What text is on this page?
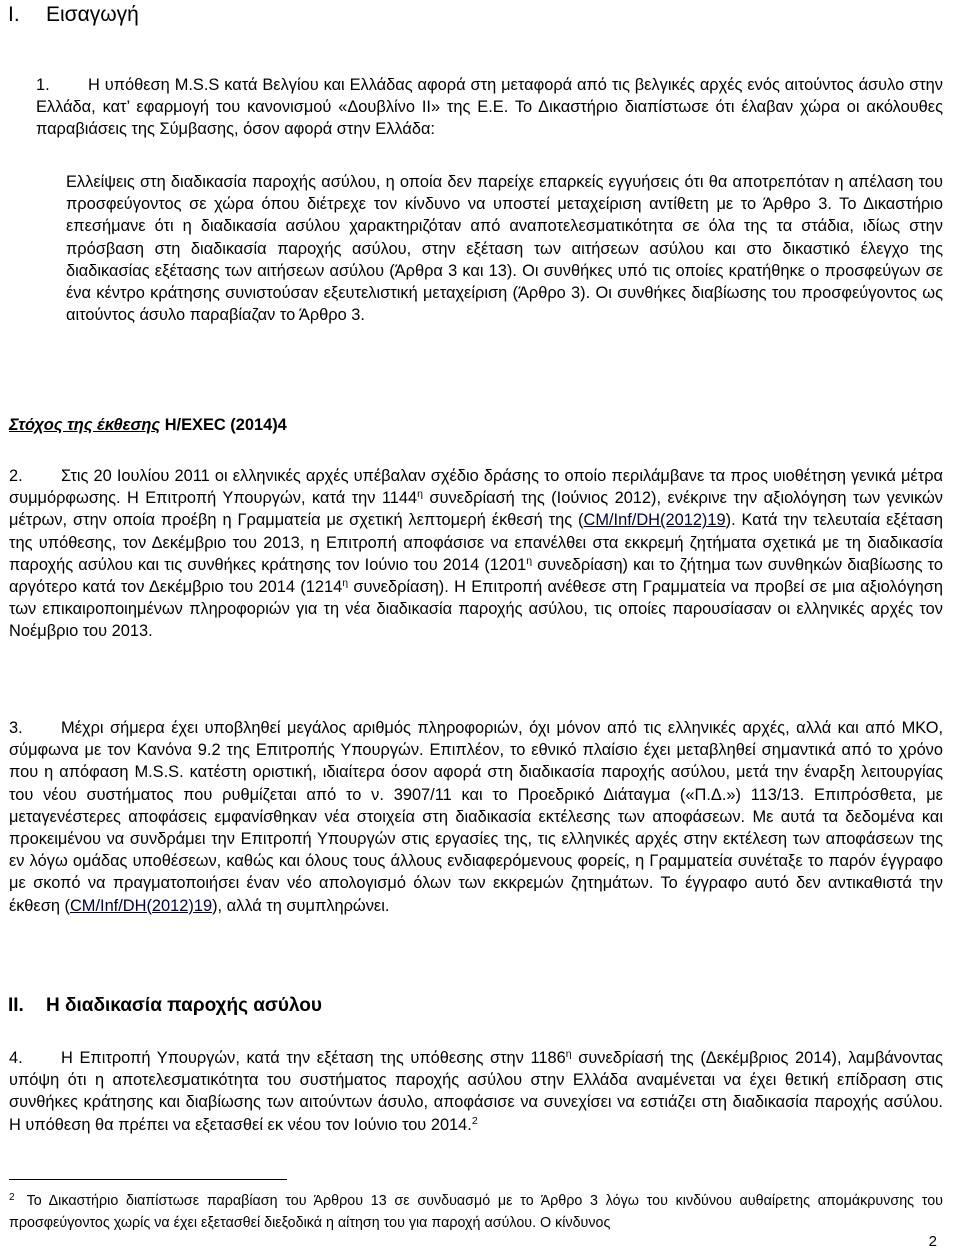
I. Εισαγωγή
1. Η υπόθεση M.S.S κατά Βελγίου και Ελλάδας αφορά στη μεταφορά από τις βελγικές αρχές ενός αιτούντος άσυλο στην Ελλάδα, κατ’ εφαρμογή του κανονισμού «Δουβλίνο ΙΙ» της Ε.Ε. Το Δικαστήριο διαπίστωσε ότι έλαβαν χώρα οι ακόλουθες παραβιάσεις της Σύμβασης, όσον αφορά στην Ελλάδα:
Ελλείψεις στη διαδικασία παροχής ασύλου, η οποία δεν παρείχε επαρκείς εγγυήσεις ότι θα αποτρεπόταν η απέλαση του προσφεύγοντος σε χώρα όπου διέτρεχε τον κίνδυνο να υποστεί μεταχείριση αντίθετη με το Άρθρο 3. Το Δικαστήριο επεσήμανε ότι η διαδικασία ασύλου χαρακτηριζόταν από αναποτελεσματικότητα σε όλα της τα στάδια, ιδίως στην πρόσβαση στη διαδικασία παροχής ασύλου, στην εξέταση των αιτήσεων ασύλου και στο δικαστικό έλεγχο της διαδικασίας εξέτασης των αιτήσεων ασύλου (Άρθρα 3 και 13). Οι συνθήκες υπό τις οποίες κρατήθηκε ο προσφεύγων σε ένα κέντρο κράτησης συνιστούσαν εξευτελιστική μεταχείριση (Άρθρο 3). Οι συνθήκες διαβίωσης του προσφεύγοντος ως αιτούντος άσυλο παραβίαζαν το Άρθρο 3.
Στόχος της έκθεσης H/EXEC (2014)4
2. Στις 20 Ιουλίου 2011 οι ελληνικές αρχές υπέβαλαν σχέδιο δράσης το οποίο περιλάμβανε τα προς υιοθέτηση γενικά μέτρα συμμόρφωσης. Η Επιτροπή Υπουργών, κατά την $1144^\eta$ συνεδρίασή της (Ιούνιος 2012), ενέκρινε την αξιολόγηση των γενικών μέτρων, στην οποία προέβη η Γραμματεία με σχετική λεπτομερή έκθεσή της (CM/Inf/DH(2012)19). Κατά την τελευταία εξέταση της υπόθεσης, τον Δεκέμβριο του 2013, η Επιτροπή αποφάσισε να επανέλθει στα εκκρεμή ζητήματα σχετικά με τη διαδικασία παροχής ασύλου και τις συνθήκες κράτησης τον Ιούνιο του 2014 ($1201^\eta$ συνεδρίαση) και το ζήτημα των συνθηκών διαβίωσης το αργότερο κατά τον Δεκέμβριο του 2014 ($1214^\eta$ συνεδρίαση). Η Επιτροπή ανέθεσε στη Γραμματεία να προβεί σε μια αξιολόγηση των επικαιροποιημένων πληροφοριών για τη νέα διαδικασία παροχής ασύλου, τις οποίες παρουσίασαν οι ελληνικές αρχές τον Νοέμβριο του 2013.
3. Μέχρι σήμερα έχει υποβληθεί μεγάλος αριθμός πληροφοριών, όχι μόνον από τις ελληνικές αρχές, αλλά και από ΜΚΟ, σύμφωνα με τον Κανόνα 9.2 της Επιτροπής Υπουργών. Επιπλέον, το εθνικό πλαίσιο έχει μεταβληθεί σημαντικά από το χρόνο που η απόφαση M.S.S. κατέστη οριστική, ιδιαίτερα όσον αφορά στη διαδικασία παροχής ασύλου, μετά την έναρξη λειτουργίας του νέου συστήματος που ρυθμίζεται από το ν. 3907/11 και το Προεδρικό Διάταγμα («Π.Δ.») 113/13. Επιπρόσθετα, με μεταγενέστερες αποφάσεις εμφανίσθηκαν νέα στοιχεία στη διαδικασία εκτέλεσης των αποφάσεων. Με αυτά τα δεδομένα και προκειμένου να συνδράμει την Επιτροπή Υπουργών στις εργασίες της, τις ελληνικές αρχές στην εκτέλεση των αποφάσεων της εν λόγω ομάδας υποθέσεων, καθώς και όλους τους άλλους ενδιαφερόμενους φορείς, η Γραμματεία συνέταξε το παρόν έγγραφο με σκοπό να πραγματοποιήσει έναν νέο απολογισμό όλων των εκκρεμών ζητημάτων. Το έγγραφο αυτό δεν αντικαθιστά την έκθεση (CM/Inf/DH(2012)19), αλλά τη συμπληρώνει.
II. Η διαδικασία παροχής ασύλου
4. Η Επιτροπή Υπουργών, κατά την εξέταση της υπόθεσης στην $1186^\eta$ συνεδρίασή της (Δεκέμβριος 2014), λαμβάνοντας υπόψη ότι η αποτελεσματικότητα του συστήματος παροχής ασύλου στην Ελλάδα αναμένεται να έχει θετική επίδραση στις συνθήκες κράτησης και διαβίωσης των αιτούντων άσυλο, αποφάσισε να συνεχίσει να εστιάζει στη διαδικασία παροχής ασύλου. Η υπόθεση θα πρέπει να εξετασθεί εκ νέου τον Ιούνιο του 2014.$^2$
$^2$ Το Δικαστήριο διαπίστωσε παραβίαση του Άρθρου 13 σε συνδυασμό με το Άρθρο 3 λόγω του κινδύνου αυθαίρετης απομάκρυνσης του προσφεύγοντος χωρίς να έχει εξετασθεί διεξοδικά η αίτηση του για παροχή ασύλου. Ο κίνδυνος
2
